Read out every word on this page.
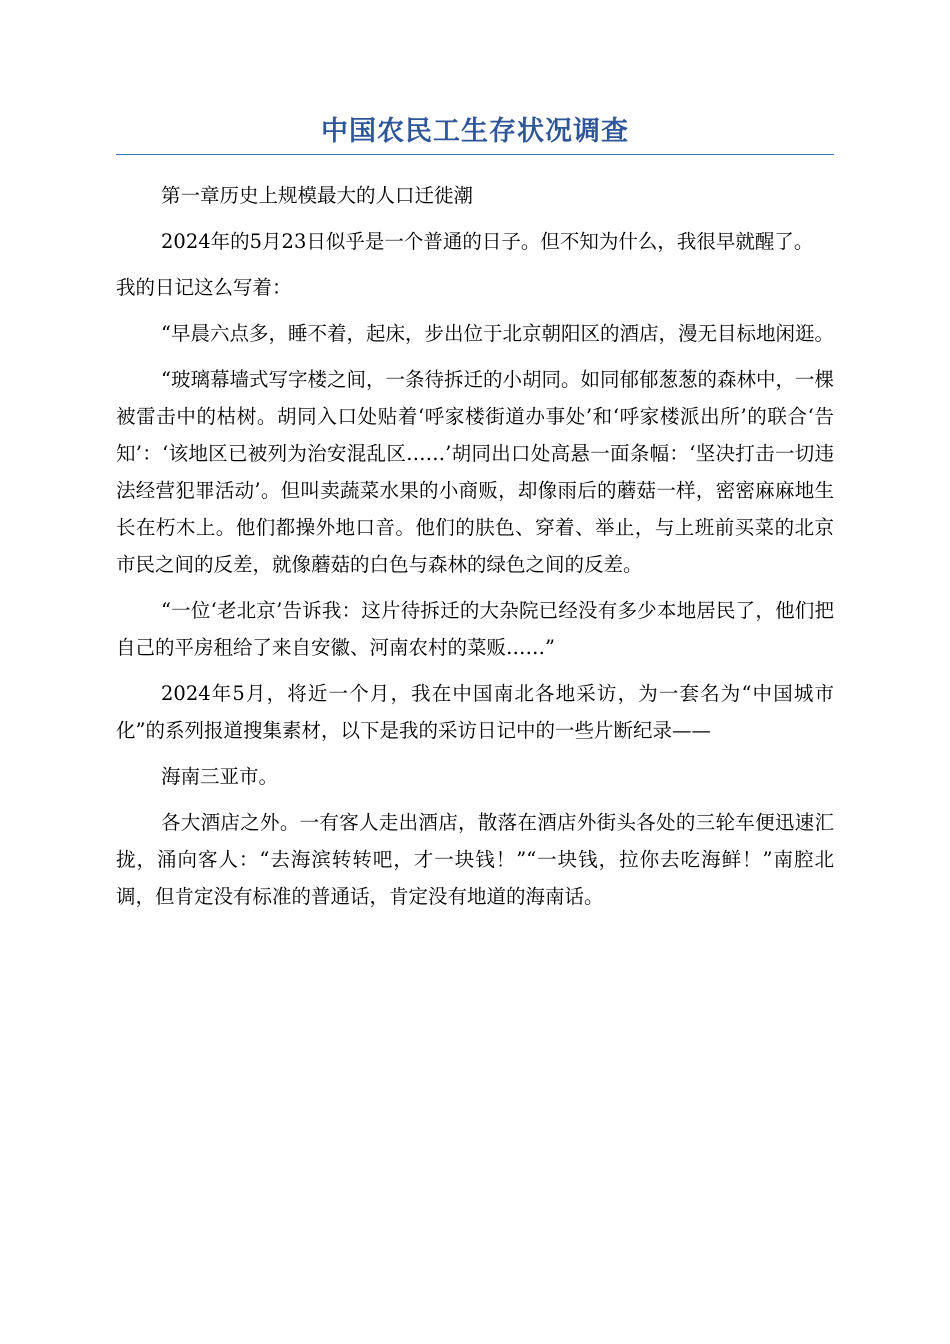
中国农民工生存状况调查

第一章历史上规模最大的人口迁徙潮

2024年的5月23日似乎是一个普通的日子。但不知为什么，我很早就醒了。

我的日记这么写着：

“早晨六点多，睡不着，起床，步出位于北京朝阳区的酒店，漫无目标地闲逛。

“玻璃幕墙式写字楼之间，一条待拆迁的小胡同。如同郁郁葱葱的森林中，一棵被雷击中的枯树。胡同入口处贴着‘呼家楼街道办事处’和‘呼家楼派出所’的联合‘告知’：‘该地区已被列为治安混乱区……’胡同出口处高悬一面条幅：‘坚决打击一切违法经营犯罪活动’。但叫卖蔬菜水果的小商贩，却像雨后的蘑菇一样，密密麻麻地生长在朽木上。他们都操外地口音。他们的肤色、穿着、举止，与上班前买菜的北京市民之间的反差，就像蘑菇的白色与森林的绿色之间的反差。

“一位‘老北京’告诉我：这片待拆迁的大杂院已经没有多少本地居民了，他们把自己的平房租给了来自安徽、河南农村的菜贩……”

2024年5月，将近一个月，我在中国南北各地采访，为一套名为“中国城市化”的系列报道搜集素材，以下是我的采访日记中的一些片断纪录——

海南三亚市。

各大酒店之外。一有客人走出酒店，散落在酒店外街头各处的三轮车便迅速汇拢，涌向客人：“去海滨转转吧，才一块钱！”“一块钱，拉你去吃海鲜！”南腔北调，但肯定没有标准的普通话，肯定没有地道的海南话。
